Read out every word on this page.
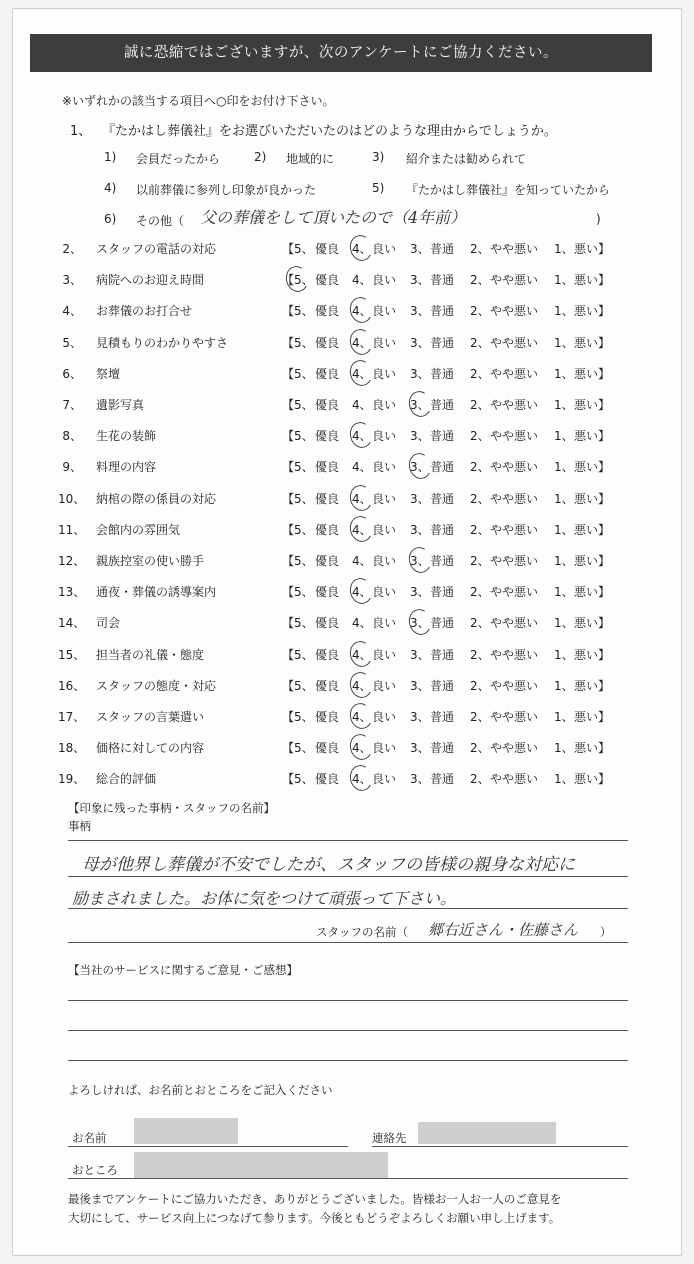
誠に恐縮ではございますが、次のアンケートにご協力ください。
※いずれかの該当する項目へ○印をお付け下さい。
1、 『たかはし葬儀社』をお選びいただいたのはどのような理由からでしょうか。
1) 会員だったから	2) 地域的に	3) 紹介または勧められて
4) 以前葬儀に参列し印象が良かった	5) 『たかはし葬儀社』を知っていたから
6) その他（ 父の葬儀をして頂いたので（4年前）	)
2、 スタッフの電話の対応	【5、 優良 4、 良い 3、 普通 2、 やや悪い 1、 悪い】
3、 病院へのお迎え時間	【5、 優良 4、 良い 3、 普通 2、 やや悪い 1、 悪い】
4、 お葬儀のお打合せ	【5、 優良 4、 良い 3、 普通 2、 やや悪い 1、 悪い】
5、 見積もりのわかりやすさ	【5、 優良 4、 良い 3、 普通 2、 やや悪い 1、 悪い】
6、 祭壇	【5、 優良 4、 良い 3、 普通 2、 やや悪い 1、 悪い】
7、 遺影写真	【5、 優良 4、 良い 3、 普通 2、 やや悪い 1、 悪い】
8、 生花の装飾	【5、 優良 4、 良い 3、 普通 2、 やや悪い 1、 悪い】
9、 料理の内容	【5、 優良 4、 良い 3、 普通 2、 やや悪い 1、 悪い】
10、 納棺の際の係員の対応	【5、 優良 4、 良い 3、 普通 2、 やや悪い 1、 悪い】
11、 会館内の雰囲気	【5、 優良 4、 良い 3、 普通 2、 やや悪い 1、 悪い】
12、 親族控室の使い勝手	【5、 優良 4、 良い 3、 普通 2、 やや悪い 1、 悪い】
13、 通夜・葬儀の誘導案内	【5、 優良 4、 良い 3、 普通 2、 やや悪い 1、 悪い】
14、 司会	【5、 優良 4、 良い 3、 普通 2、 やや悪い 1、 悪い】
15、 担当者の礼儀・態度	【5、 優良 4、 良い 3、 普通 2、 やや悪い 1、 悪い】
16、 スタッフの態度・対応	【5、 優良 4、 良い 3、 普通 2、 やや悪い 1、 悪い】
17、 スタッフの言葉遣い	【5、 優良 4、 良い 3、 普通 2、 やや悪い 1、 悪い】
18、 価格に対しての内容	【5、 優良 4、 良い 3、 普通 2、 やや悪い 1、 悪い】
19、 総合的評価	【5、 優良 4、 良い 3、 普通 2、 やや悪い 1、 悪い】
【印象に残った事柄・スタッフの名前】
事柄
母が他界し葬儀が不安でしたが、スタッフの皆様の親身な対応に
励まされました。お体に気をつけて頑張って下さい。
スタッフの名前（ 郷右近さん・佐藤さん ）
【当社のサービスに関するご意見・ご感想】
よろしければ、お名前とおところをご記入ください
お名前	連絡先
おところ
最後までアンケートにご協力いただき、ありがとうございました。皆様お一人お一人のご意見を
大切にして、サービス向上につなげて参ります。今後ともどうぞよろしくお願い申し上げます。
